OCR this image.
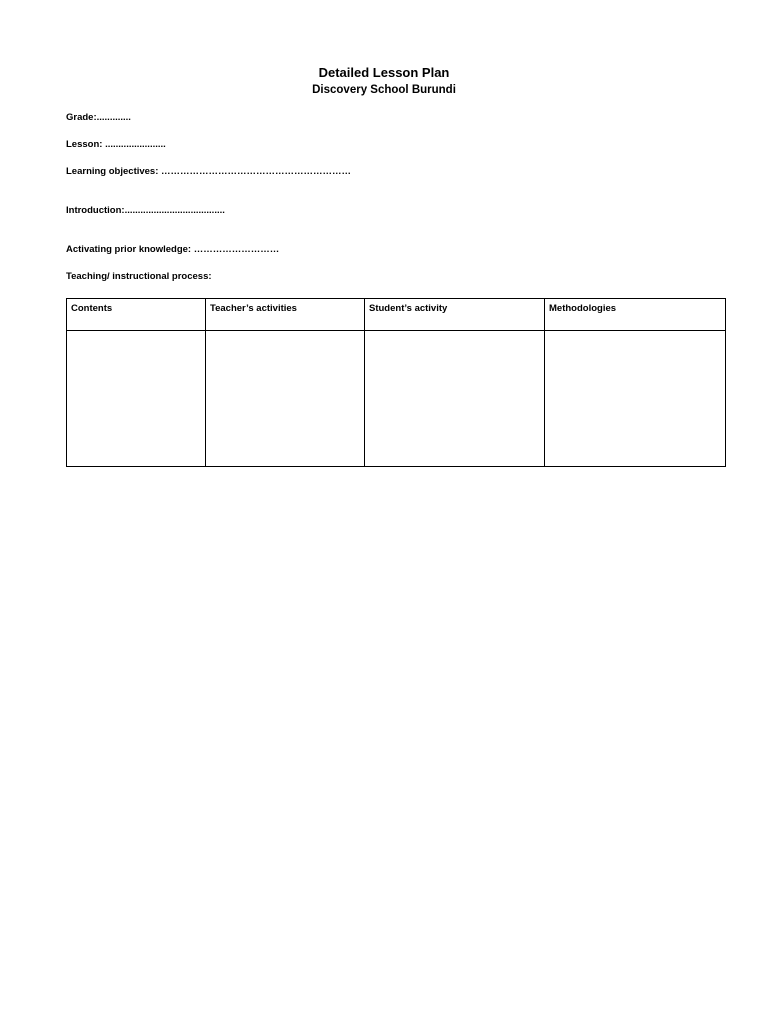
Detailed Lesson Plan
Discovery School Burundi
Grade:.............
Lesson: .......................
Learning objectives: ……………………………………………………
Introduction:......................................
Activating prior knowledge: ………………………
Teaching/ instructional process:
Contents	Teacher’s activities	Student’s activity	Methodologies
